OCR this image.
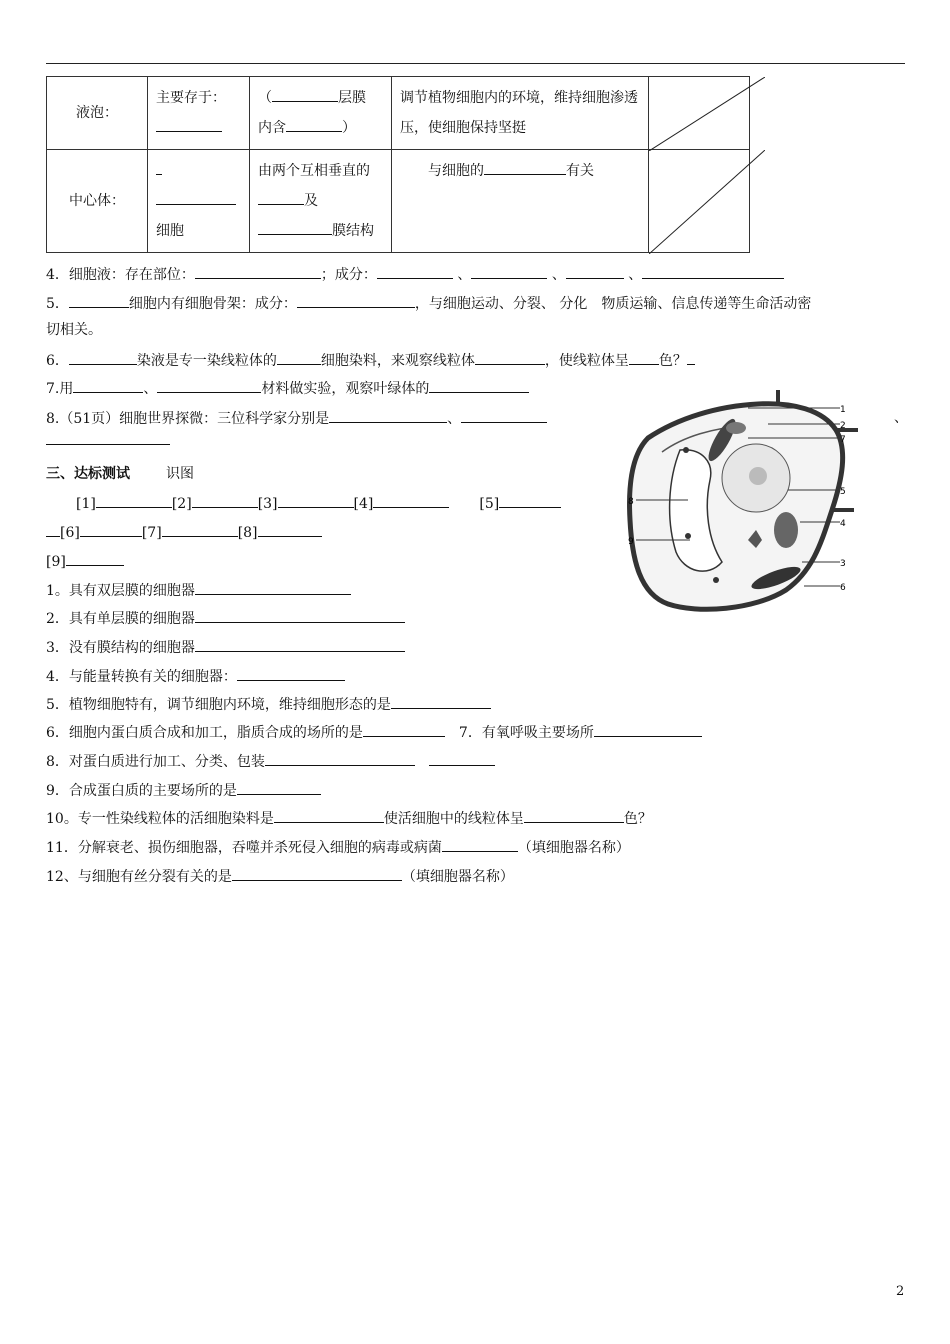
液泡：	主要存于：	（ 层膜
内含 ）	调节植物细胞内的环境，维持细胞渗透压，使细胞保持坚挺	

中心体：	细胞	由两个互相垂直的及
膜结构	与细胞的 有关	
4．细胞液：存在部位：	；成分：	、	、	、
5．	细胞内有细胞骨架：成分：	，与细胞运动、分裂、 分化　物质运输、信息传递等生命活动密
切相关。
6．	染液是专一染线粒体的	细胞染料，来观察线粒体	，使线粒体呈 色？
7.用	、	材料做实验，观察叶绿体的
8.（51页）细胞世界探微：三位科学家分别是	、	、
三、达标测试	识图
[1]	[2]	[3]	[4]	[5]
[6]	[7]	[8]
[9]
1
2
7
5
4
3
6
8
9
1。具有双层膜的细胞器
2．具有单层膜的细胞器
3．没有膜结构的细胞器
4．与能量转换有关的细胞器：
5．植物细胞特有，调节细胞内环境，维持细胞形态的是
6．细胞内蛋白质合成和加工，脂质合成的场所的是　	7．有氧呼吸主要场所
8．对蛋白质进行加工、分类、包装　
9．合成蛋白质的主要场所的是
10。专一性染线粒体的活细胞染料是	使活细胞中的线粒体呈	色？
11．分解衰老、损伤细胞器，吞噬并杀死侵入细胞的病毒或病菌	（填细胞器名称）
12、与细胞有丝分裂有关的是	（填细胞器名称）
2
